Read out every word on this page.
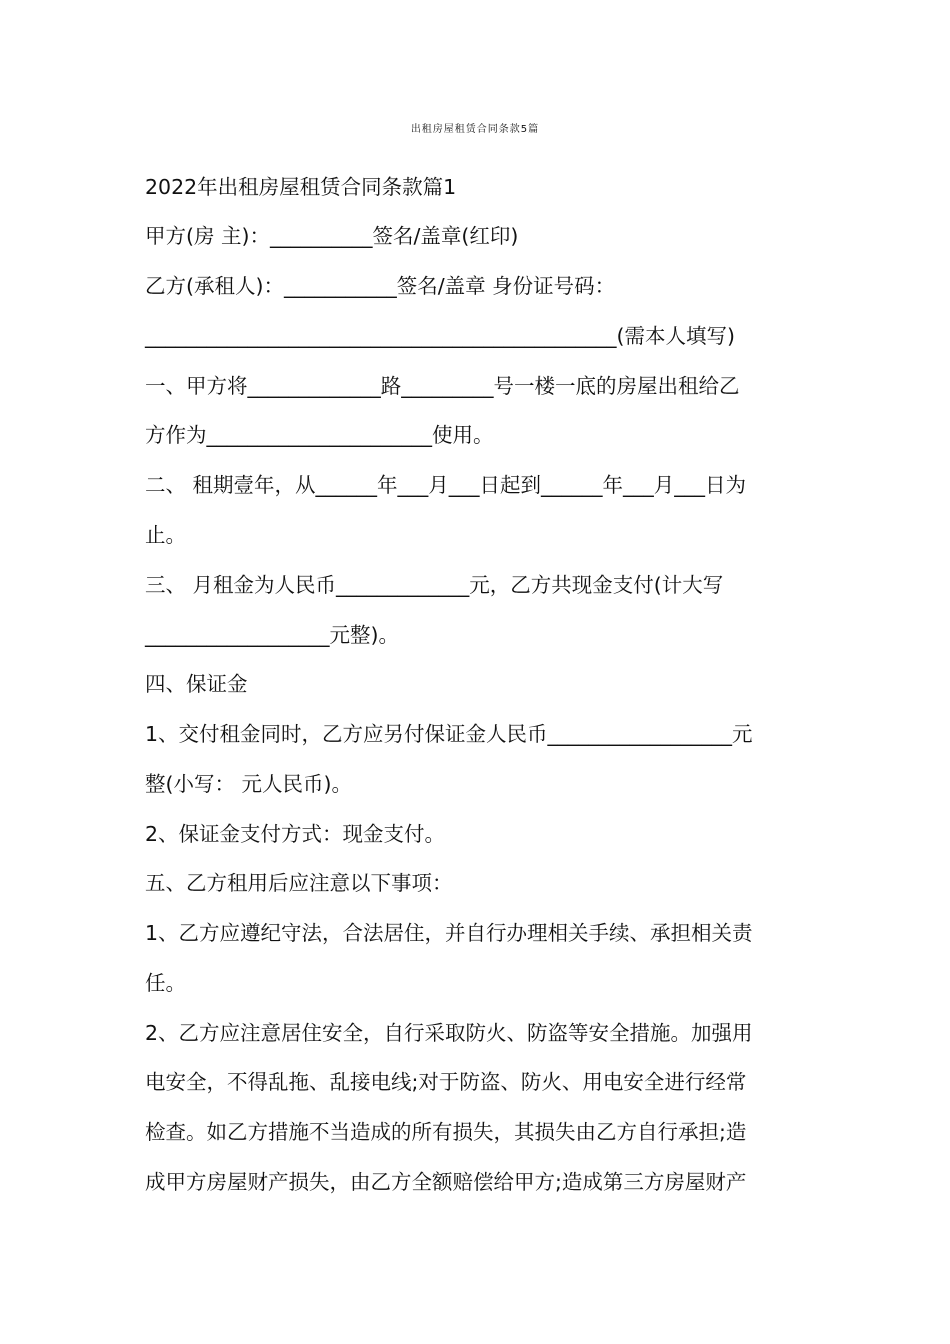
出租房屋租赁合同条款5篇
2022年出租房屋租赁合同条款篇1
甲方(房 主)：__________签名/盖章(红印)
乙方(承租人)：___________签名/盖章 身份证号码：
______________________________________________(需本人填写)
一、甲方将_____________路_________号一楼一底的房屋出租给乙
方作为______________________使用。
二、 租期壹年，从______年___月___日起到______年___月___日为
止。
三、 月租金为人民币_____________元，乙方共现金支付(计大写
__________________元整)。
四、保证金
1、交付租金同时，乙方应另付保证金人民币__________________元
整(小写： 元人民币)。
2、保证金支付方式：现金支付。
五、乙方租用后应注意以下事项：
1、乙方应遵纪守法，合法居住，并自行办理相关手续、承担相关责
任。
2、乙方应注意居住安全，自行采取防火、防盗等安全措施。加强用
电安全，不得乱拖、乱接电线;对于防盗、防火、用电安全进行经常
检查。如乙方措施不当造成的所有损失，其损失由乙方自行承担;造
成甲方房屋财产损失，由乙方全额赔偿给甲方;造成第三方房屋财产
